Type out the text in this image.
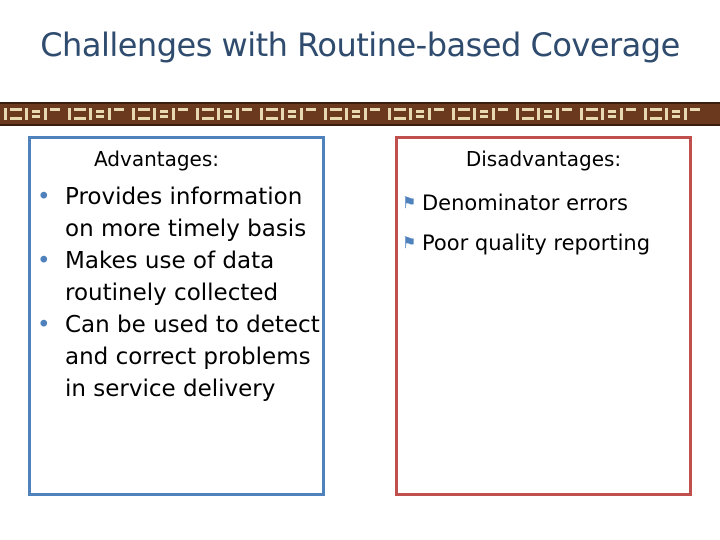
Challenges with Routine-based Coverage
Advantages:
• Provides information on more timely basis
• Makes use of data routinely collected
• Can be used to detect and correct problems in service delivery
Disadvantages:
⚑ Denominator errors
⚑ Poor quality reporting
